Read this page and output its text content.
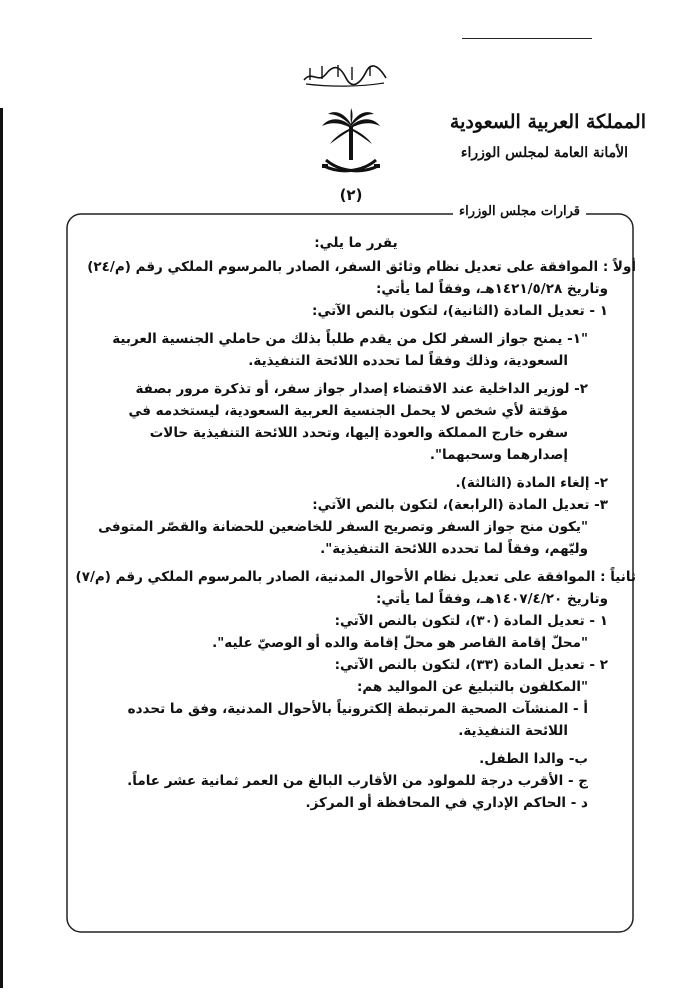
(٢)
المملكة العربية السعودية
الأمانة العامة لمجلس الوزراء
قرارات مجلس الوزراء

يقرر ما يلي:

أولاً : الموافقة على تعديل نظام وثائق السفر، الصادر بالمرسوم الملكي رقم (م/٢٤)

وتاريخ ١٤٢١/٥/٢٨هـ، وفقاً لما يأتي:

١ - تعديل المادة (الثانية)، لتكون بالنص الآتي:

"١- يمنح جواز السفر لكل من يقدم طلباً بذلك من حاملي الجنسية العربية

السعودية، وذلك وفقاً لما تحدده اللائحة التنفيذية.

٢- لوزير الداخلية عند الاقتضاء إصدار جواز سفر، أو تذكرة مرور بصفة

مؤقتة لأي شخص لا يحمل الجنسية العربية السعودية، ليستخدمه في

سفره خارج المملكة والعودة إليها، وتحدد اللائحة التنفيذية حالات

إصدارهما وسحبهما".

٢- إلغاء المادة (الثالثة).

٣- تعديل المادة (الرابعة)، لتكون بالنص الآتي:

"يكون منح جواز السفر وتصريح السفر للخاضعين للحضانة والقصّر المتوفى

وليّهم، وفقاً لما تحدده اللائحة التنفيذية".

ثانياً : الموافقة على تعديل نظام الأحوال المدنية، الصادر بالمرسوم الملكي رقم (م/٧)

وتاريخ ١٤٠٧/٤/٢٠هـ، وفقاً لما يأتي:

١ - تعديل المادة (٣٠)، لتكون بالنص الآتي:

"محلّ إقامة القاصر هو محلّ إقامة والده أو الوصيّ عليه".

٢ - تعديل المادة (٣٣)، لتكون بالنص الآتي:

"المكلفون بالتبليغ عن المواليد هم:

أ - المنشآت الصحية المرتبطة إلكترونياً بالأحوال المدنية، وفق ما تحدده

اللائحة التنفيذية.

ب- والدا الطفل.

ج - الأقرب درجة للمولود من الأقارب البالغ من العمر ثمانية عشر عاماً.

د - الحاكم الإداري في المحافظة أو المركز.
